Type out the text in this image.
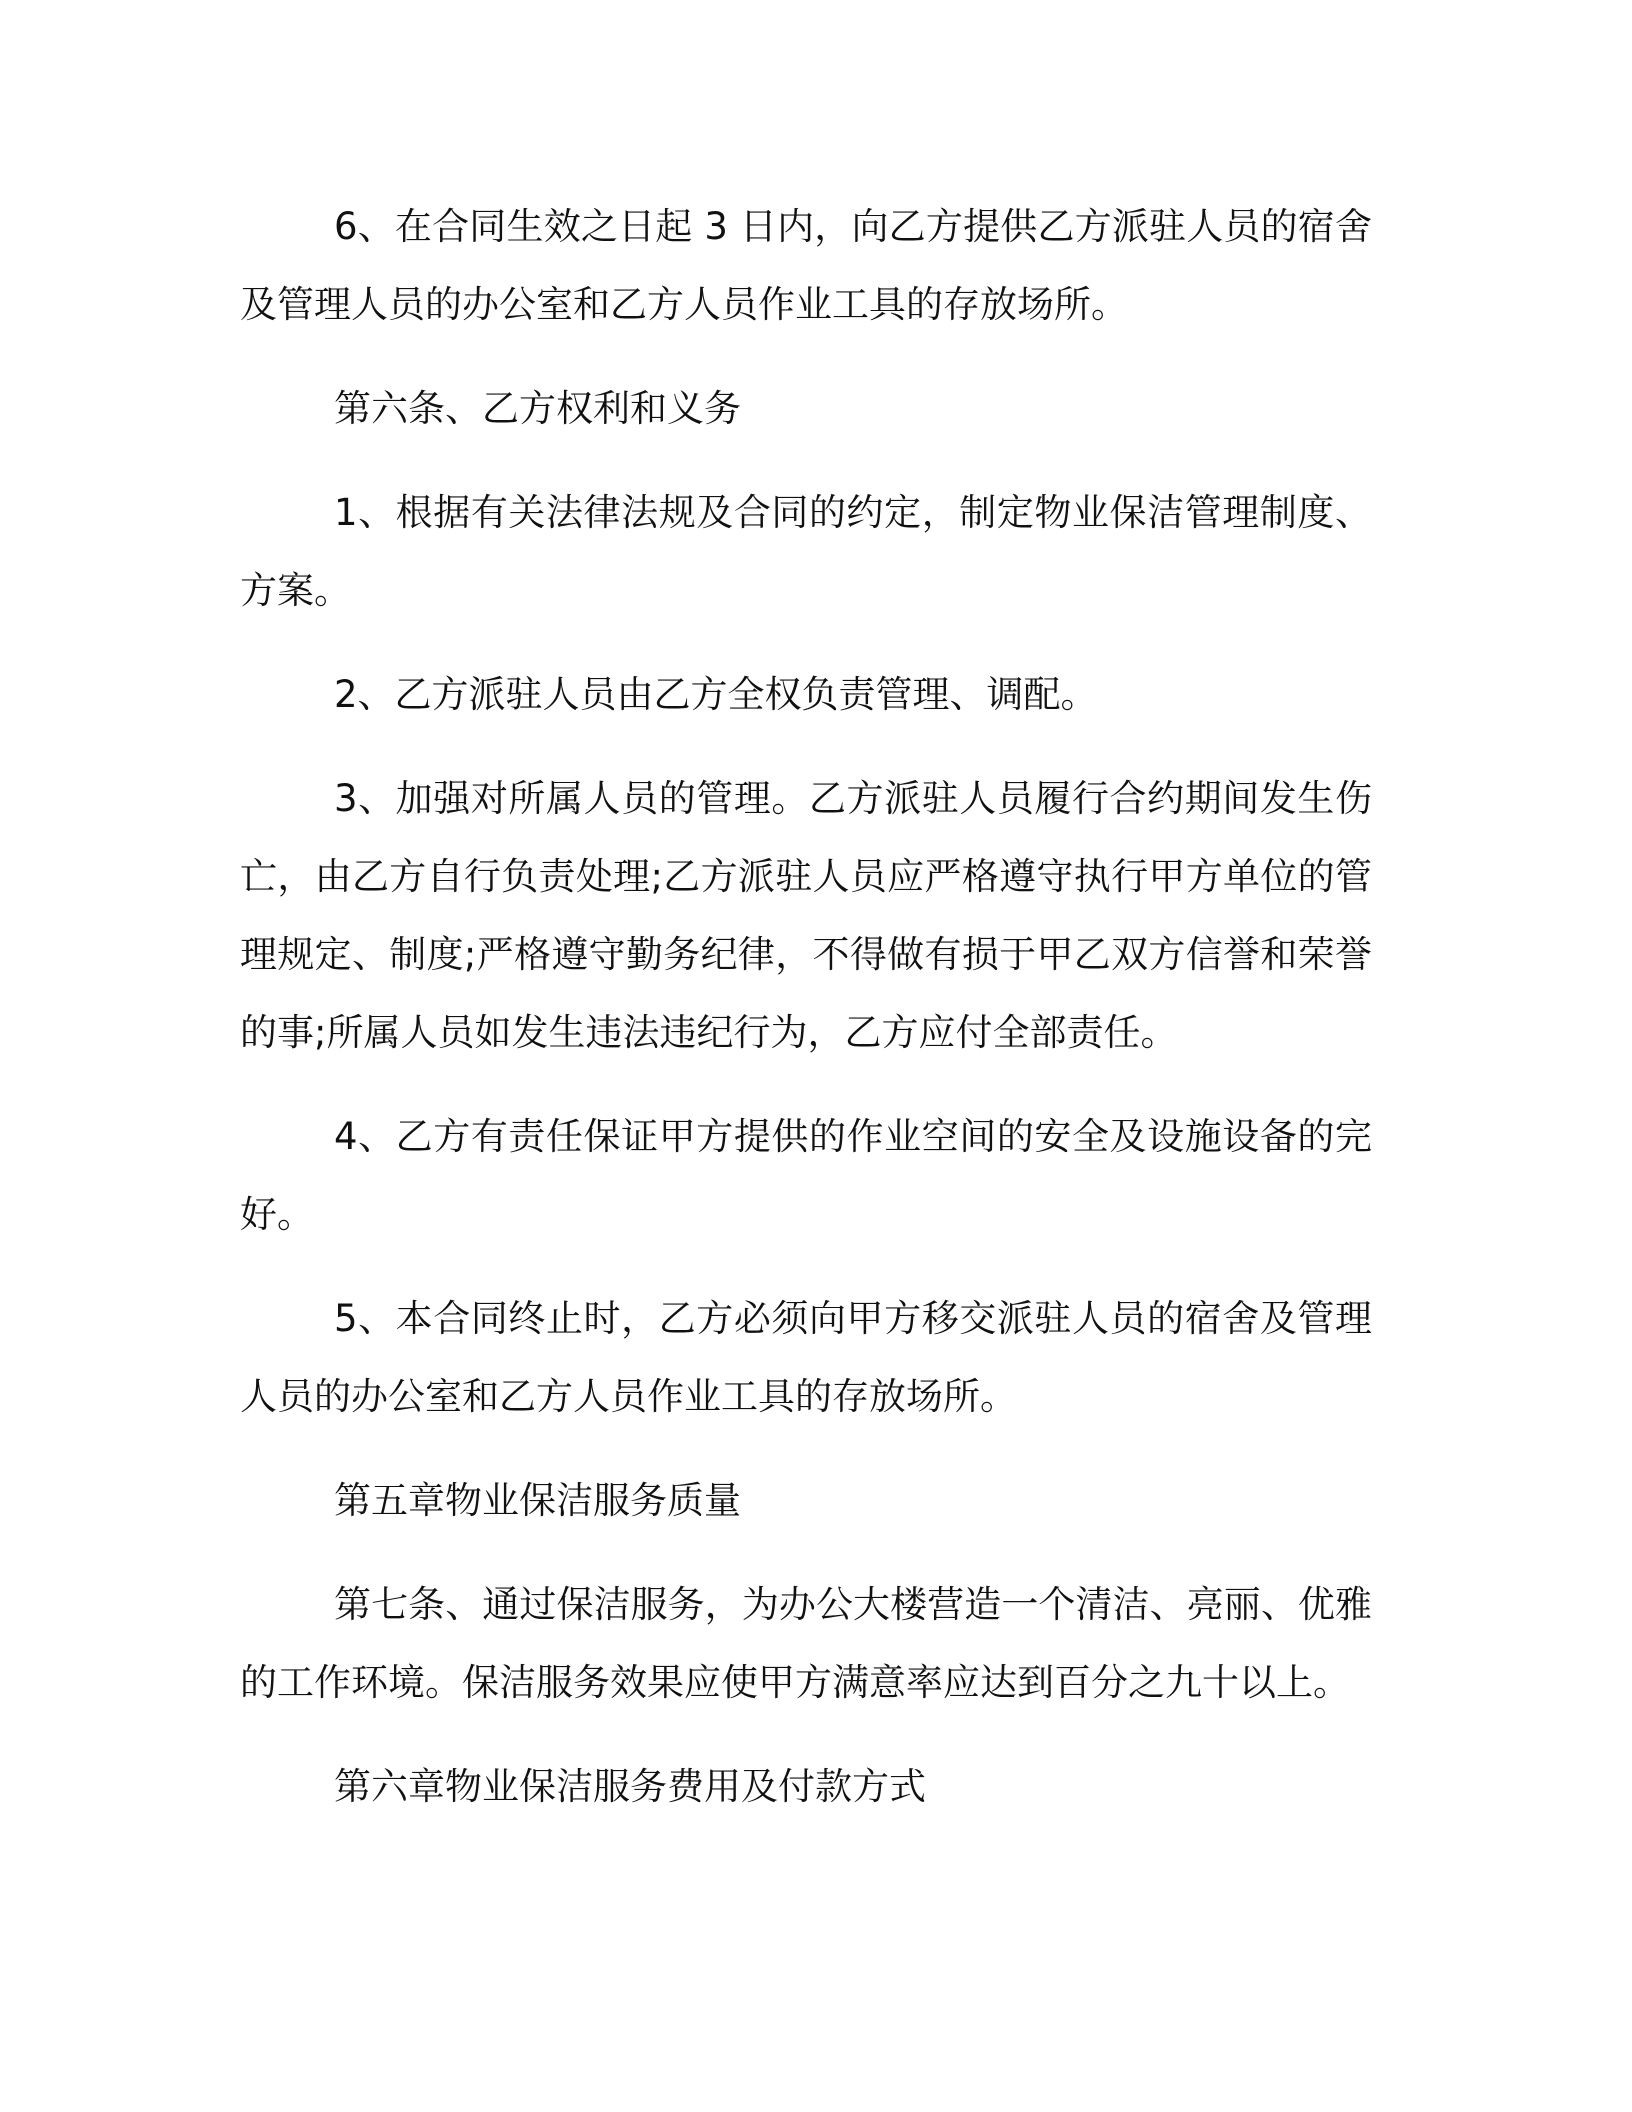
6、在合同生效之日起 3 日内，向乙方提供乙方派驻人员的宿舍及管理人员的办公室和乙方人员作业工具的存放场所。

第六条、乙方权利和义务

1、根据有关法律法规及合同的约定，制定物业保洁管理制度、方案。

2、乙方派驻人员由乙方全权负责管理、调配。

3、加强对所属人员的管理。乙方派驻人员履行合约期间发生伤亡，由乙方自行负责处理;乙方派驻人员应严格遵守执行甲方单位的管理规定、制度;严格遵守勤务纪律，不得做有损于甲乙双方信誉和荣誉的事;所属人员如发生违法违纪行为，乙方应付全部责任。

4、乙方有责任保证甲方提供的作业空间的安全及设施设备的完好。

5、本合同终止时，乙方必须向甲方移交派驻人员的宿舍及管理人员的办公室和乙方人员作业工具的存放场所。

第五章物业保洁服务质量

第七条、通过保洁服务，为办公大楼营造一个清洁、亮丽、优雅的工作环境。保洁服务效果应使甲方满意率应达到百分之九十以上。

第六章物业保洁服务费用及付款方式
